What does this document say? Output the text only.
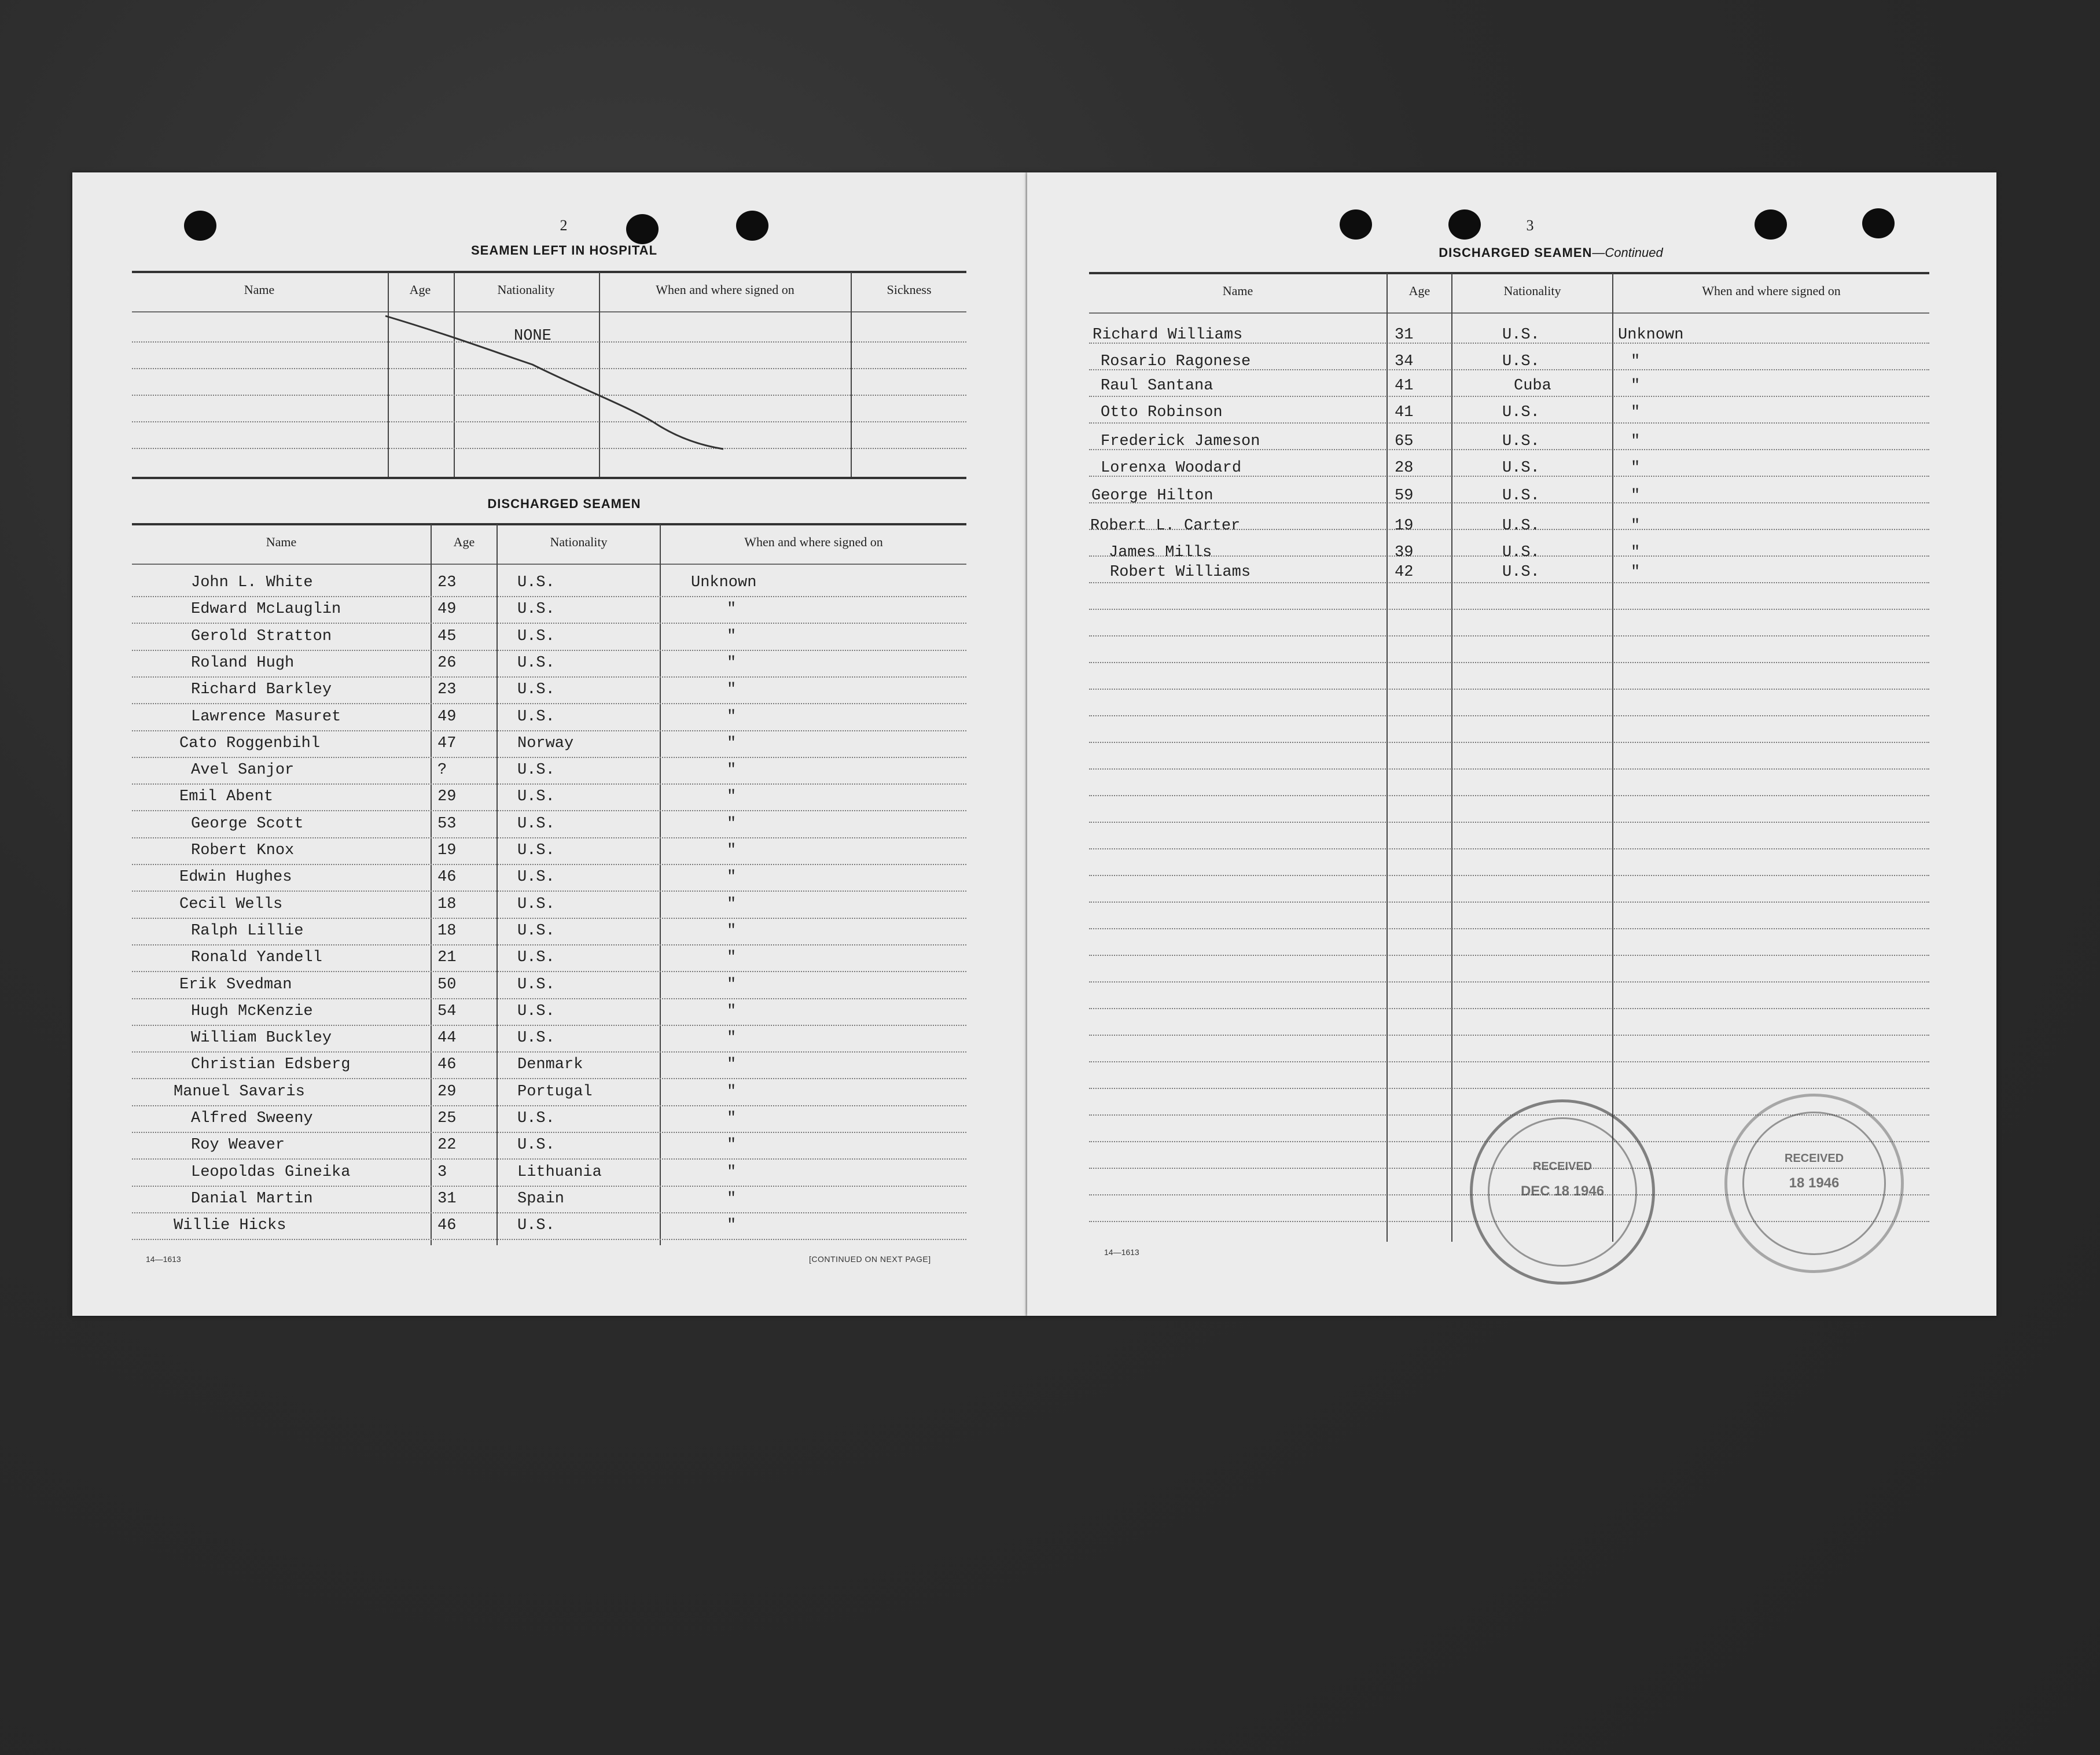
2
SEAMEN LEFT IN HOSPITAL
Name	Age	Nationality	When and where signed on	Sickness
NONE
DISCHARGED SEAMEN
Name	Age	Nationality	When and where signed on
John L. White	23	U.S.	Unknown
Edward McLauglin	49	U.S.	"
Gerold Stratton	45	U.S.	"
Roland Hugh	26	U.S.	"
Richard Barkley	23	U.S.	"
Lawrence Masuret	49	U.S.	"
Cato Roggenbihl	47	Norway	"
Avel Sanjor	?	U.S.	"
Emil Abent	29	U.S.	"
George Scott	53	U.S.	"
Robert Knox	19	U.S.	"
Edwin Hughes	46	U.S.	"
Cecil Wells	18	U.S.	"
Ralph Lillie	18	U.S.	"
Ronald Yandell	21	U.S.	"
Erik Svedman	50	U.S.	"
Hugh McKenzie	54	U.S.	"
William Buckley	44	U.S.	"
Christian Edsberg	46	Denmark	"
Manuel Savaris	29	Portugal	"
Alfred Sweeny	25	U.S.	"
Roy Weaver	22	U.S.	"
Leopoldas Gineika	3	Lithuania	"
Danial Martin	31	Spain	"
Willie Hicks	46	U.S.	"
14—1613	[CONTINUED ON NEXT PAGE]
3
DISCHARGED SEAMEN—Continued
Name	Age	Nationality	When and where signed on
Richard Williams	31	U.S.	Unknown
Rosario Ragonese	34	U.S.	"
Raul Santana	41	Cuba	"
Otto Robinson	41	U.S.	"
Frederick Jameson	65	U.S.	"
Lorenxa Woodard	28	U.S.	"
George Hilton	59	U.S.	"
Robert L. Carter	19	U.S.	"
James Mills	39	U.S.	"
Robert Williams	42	U.S.	"
14—1613
RECEIVED
DEC 18 1946
RECEIVED
18 1946
